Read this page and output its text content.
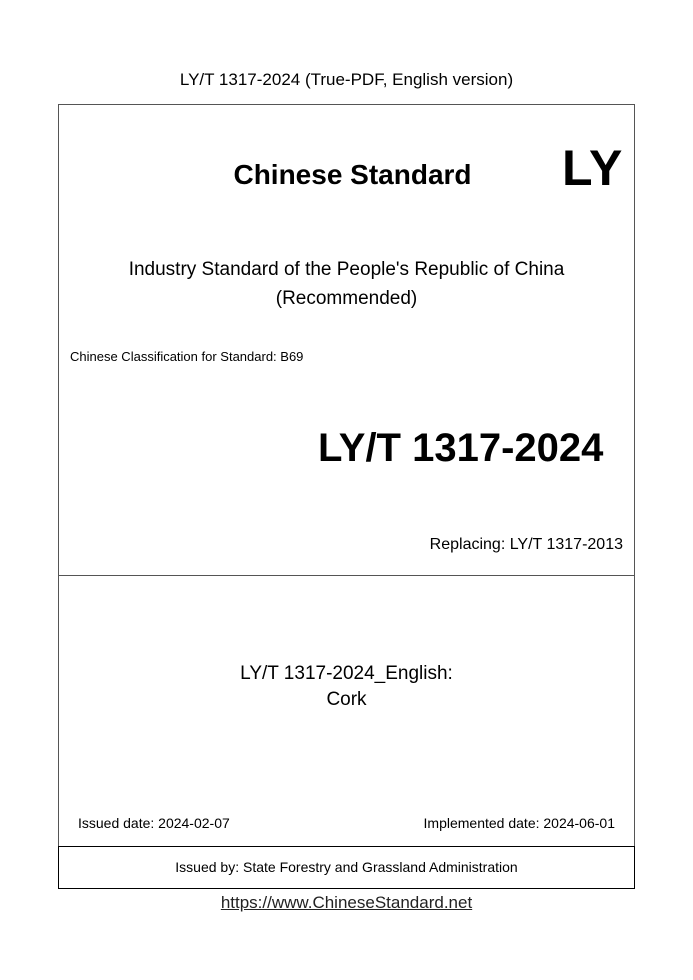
LY/T 1317-2024 (True-PDF, English version)
Issued by: State Forestry and Grassland Administration
Chinese Standard	LY
Industry Standard of the People's Republic of China
(Recommended)
Chinese Classification for Standard: B69
LY/T 1317-2024
Replacing: LY/T 1317-2013
LY/T 1317-2024_English:
Cork
Issued date: 2024-02-07	Implemented date: 2024-06-01
https://www.ChineseStandard.net
